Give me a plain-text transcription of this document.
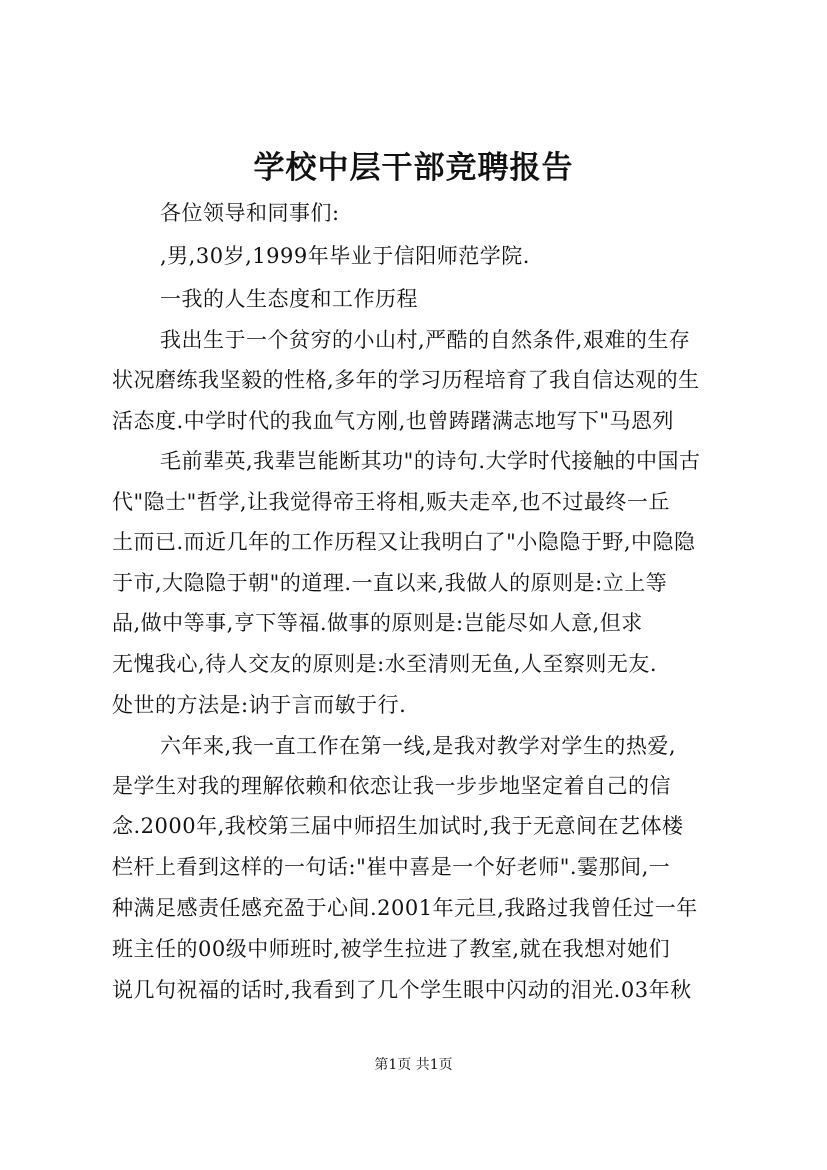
学校中层干部竞聘报告
各位领导和同事们:
,男,30岁,1999年毕业于信阳师范学院.
一我的人生态度和工作历程
我出生于一个贫穷的小山村,严酷的自然条件,艰难的生存
状况磨练我坚毅的性格,多年的学习历程培育了我自信达观的生
活态度.中学时代的我血气方刚,也曾踌躇满志地写下"马恩列
毛前辈英,我辈岂能断其功"的诗句.大学时代接触的中国古
代"隐士"哲学,让我觉得帝王将相,贩夫走卒,也不过最终一丘
土而已.而近几年的工作历程又让我明白了"小隐隐于野,中隐隐
于市,大隐隐于朝"的道理.一直以来,我做人的原则是:立上等
品,做中等事,亨下等福.做事的原则是:岂能尽如人意,但求
无愧我心,待人交友的原则是:水至清则无鱼,人至察则无友.
处世的方法是:讷于言而敏于行.
六年来,我一直工作在第一线,是我对教学对学生的热爱,
是学生对我的理解依赖和依恋让我一步步地坚定着自己的信
念.2000年,我校第三届中师招生加试时,我于无意间在艺体楼
栏杆上看到这样的一句话:"崔中喜是一个好老师".霎那间,一
种满足感责任感充盈于心间.2001年元旦,我路过我曾任过一年
班主任的00级中师班时,被学生拉进了教室,就在我想对她们
说几句祝福的话时,我看到了几个学生眼中闪动的泪光.03年秋
第1页 共1页
